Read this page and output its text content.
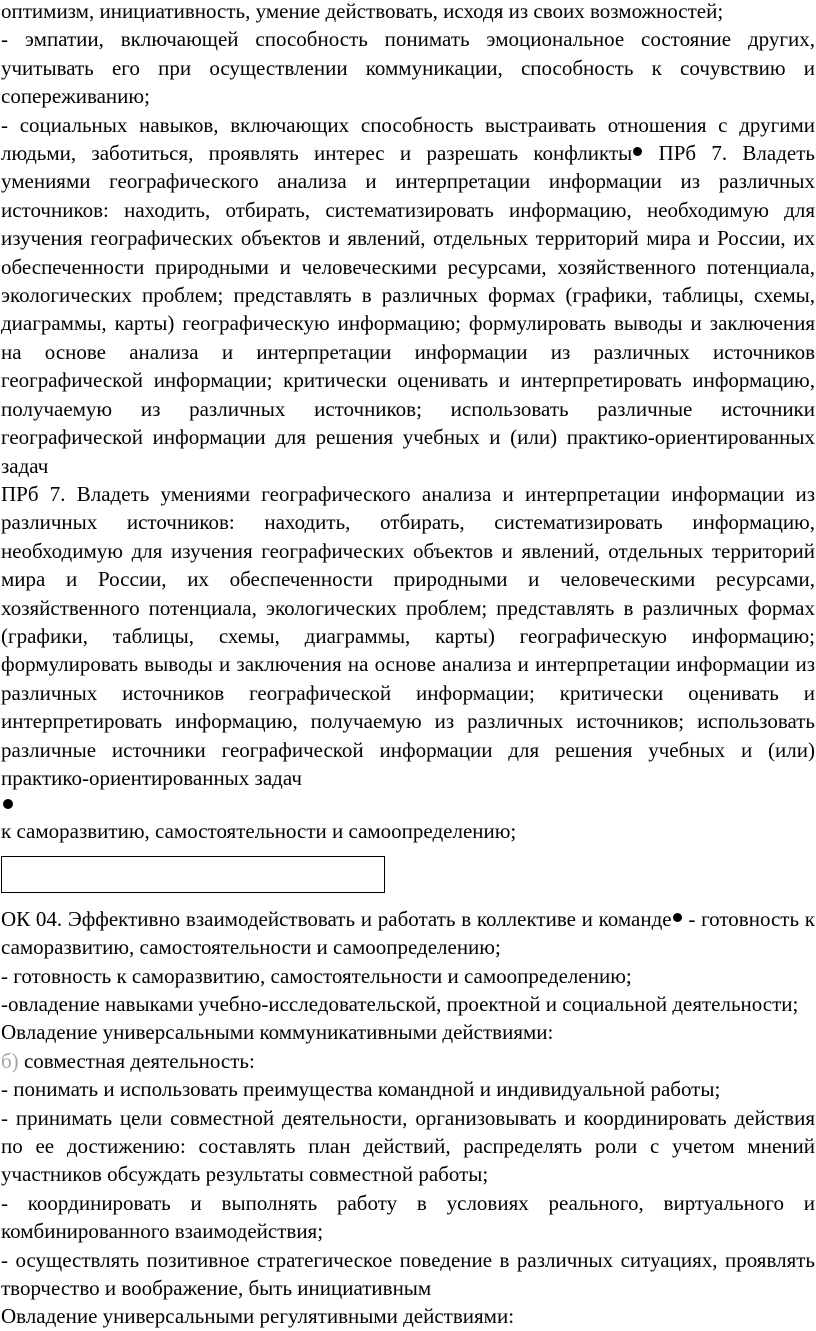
оптимизм, инициативность, умение действовать, исходя из своих возможностей;

- эмпатии, включающей способность понимать эмоциональное состояние других, учитывать его при осуществлении коммуникации, способность к сочувствию и сопереживанию;

- социальных навыков, включающих способность выстраивать отношения с другими людьми, заботиться, проявлять интерес и разрешать конфликты ПРб 7. Владеть умениями географического анализа и интерпретации информации из различных источников: находить, отбирать, систематизировать информацию, необходимую для изучения географических объектов и явлений, отдельных территорий мира и России, их обеспеченности природными и человеческими ресурсами, хозяйственного потенциала, экологических проблем; представлять в различных формах (графики, таблицы, схемы, диаграммы, карты) географическую информацию; формулировать выводы и заключения на основе анализа и интерпретации информации из различных источников географической информации; критически оценивать и интерпретировать информацию, получаемую из различных источников; использовать различные источники географической информации для решения учебных и (или) практико-ориентированных задач

ПРб 7. Владеть умениями географического анализа и интерпретации информации из различных источников: находить, отбирать, систематизировать информацию, необходимую для изучения географических объектов и явлений, отдельных территорий мира и России, их обеспеченности природными и человеческими ресурсами, хозяйственного потенциала, экологических проблем; представлять в различных формах (графики, таблицы, схемы, диаграммы, карты) географическую информацию; формулировать выводы и заключения на основе анализа и интерпретации информации из различных источников географической информации; критически оценивать и интерпретировать информацию, получаемую из различных источников; использовать различные источники географической информации для решения учебных и (или) практико-ориентированных задач

к саморазвитию, самостоятельности и самоопределению;

ОК 04. Эффективно взаимодействовать и работать в коллективе и команде - готовность к саморазвитию, самостоятельности и самоопределению;

- готовность к саморазвитию, самостоятельности и самоопределению;

-овладение навыками учебно-исследовательской, проектной и социальной деятельности;

Овладение универсальными коммуникативными действиями:

б) совместная деятельность:

- понимать и использовать преимущества командной и индивидуальной работы;

- принимать цели совместной деятельности, организовывать и координировать действия по ее достижению: составлять план действий, распределять роли с учетом мнений участников обсуждать результаты совместной работы;

- координировать и выполнять работу в условиях реального, виртуального и комбинированного взаимодействия;

- осуществлять позитивное стратегическое поведение в различных ситуациях, проявлять творчество и воображение, быть инициативным

Овладение универсальными регулятивными действиями:
